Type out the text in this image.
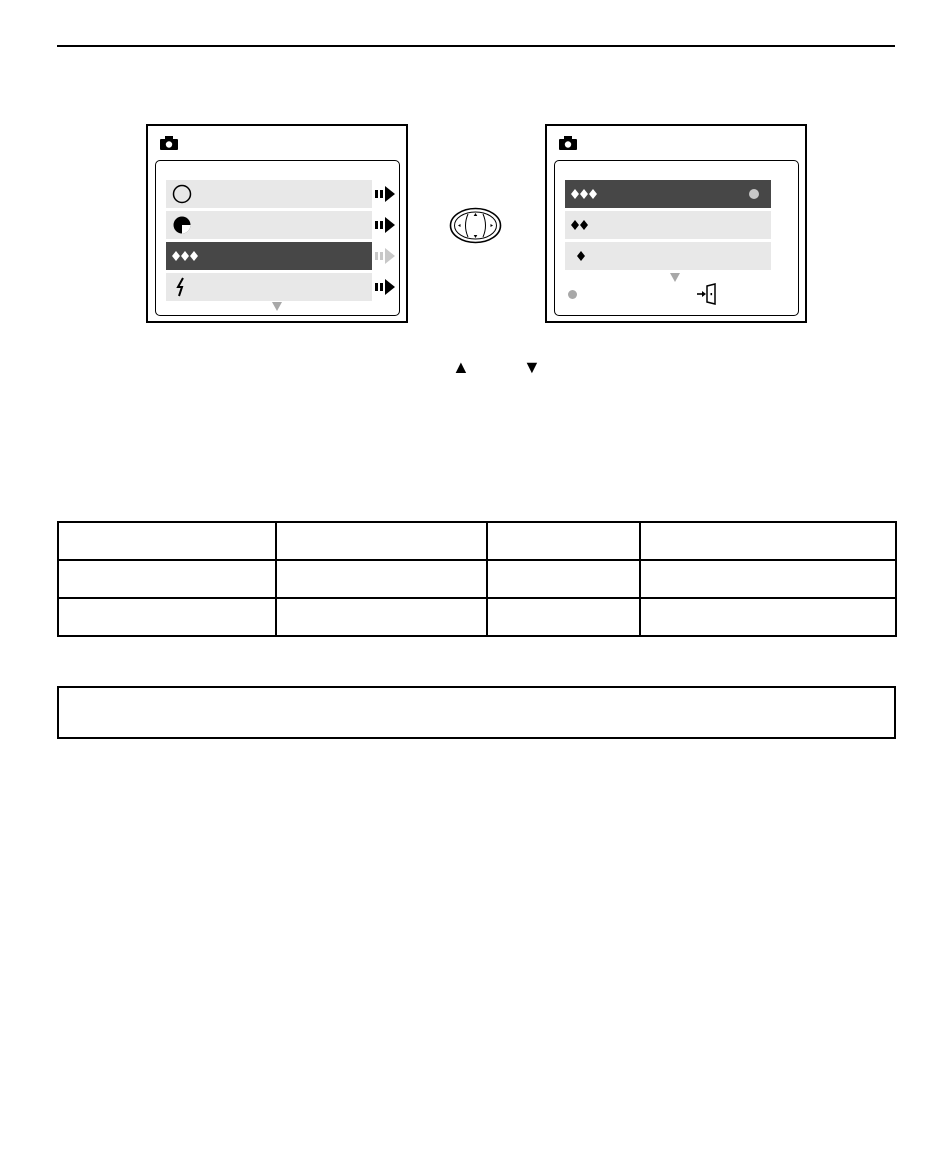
▲	▼
